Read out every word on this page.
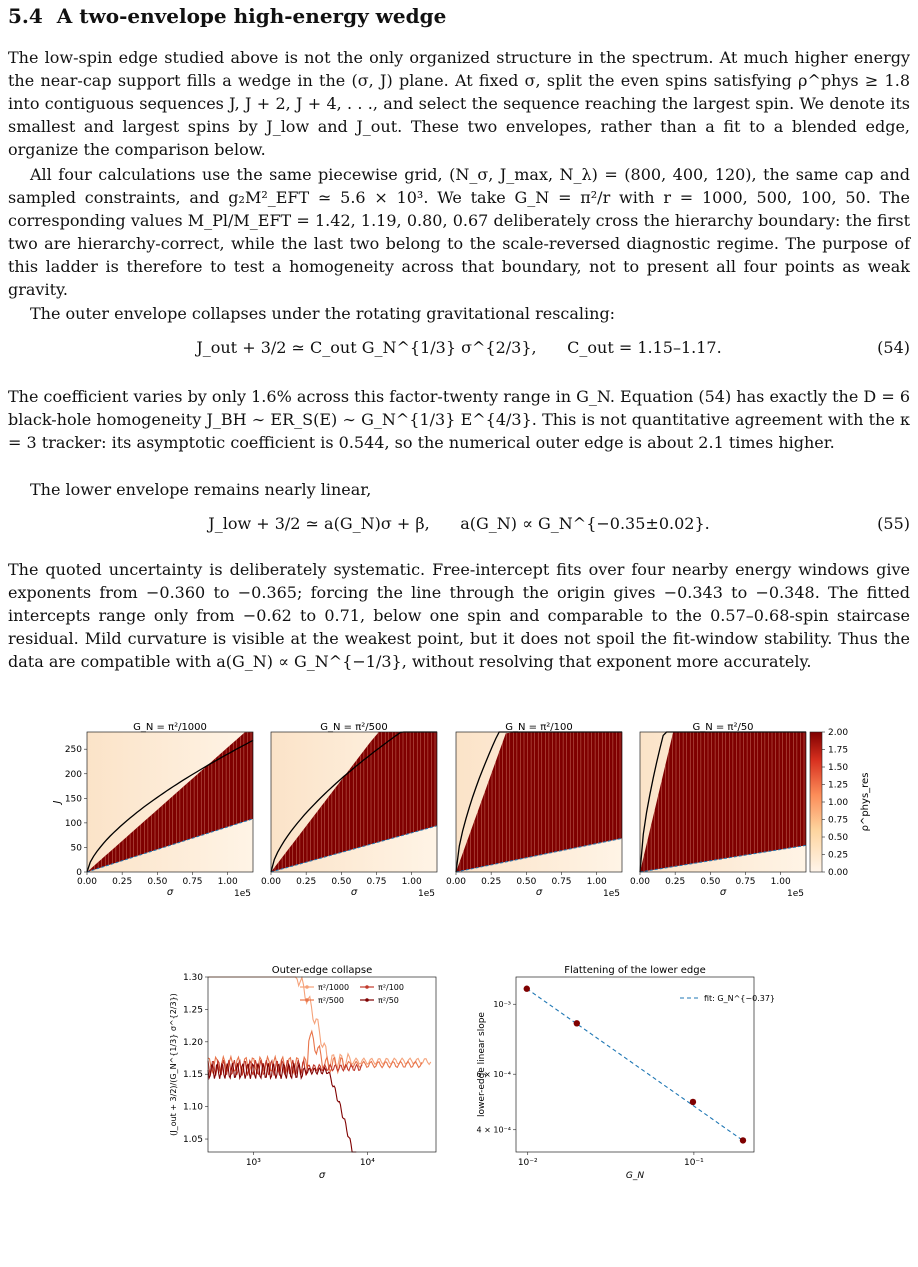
5.4 A two-envelope high-energy wedge
The low-spin edge studied above is not the only organized structure in the spectrum. At much higher energy the near-cap support fills a wedge in the (σ, J) plane. At fixed σ, split the even spins satisfying ρ^phys ≥ 1.8 into contiguous sequences J, J + 2, J + 4, . . ., and select the sequence reaching the largest spin. We denote its smallest and largest spins by J_low and J_out. These two envelopes, rather than a fit to a blended edge, organize the comparison below.
All four calculations use the same piecewise grid, (N_σ, J_max, N_λ) = (800, 400, 120), the same cap and sampled constraints, and g₂M²_EFT ≃ 5.6 × 10³. We take G_N = π²/r with r = 1000, 500, 100, 50. The corresponding values M_Pl/M_EFT = 1.42, 1.19, 0.80, 0.67 deliberately cross the hierarchy boundary: the first two are hierarchy-correct, while the last two belong to the scale-reversed diagnostic regime. The purpose of this ladder is therefore to test a homogeneity across that boundary, not to present all four points as weak gravity.
The outer envelope collapses under the rotating gravitational rescaling:
J_out + 3/2 ≃ C_out G_N^{1/3} σ^{2/3}, C_out = 1.15–1.17.	(54)
The coefficient varies by only 1.6% across this factor-twenty range in G_N. Equation (54) has exactly the D = 6 black-hole homogeneity J_BH ∼ ER_S(E) ∼ G_N^{1/3} E^{4/3}. This is not quantitative agreement with the κ = 3 tracker: its asymptotic coefficient is 0.544, so the numerical outer edge is about 2.1 times higher.
The lower envelope remains nearly linear,
J_low + 3/2 ≃ a(G_N)σ + β, a(G_N) ∝ G_N^{−0.35±0.02}.	(55)
The quoted uncertainty is deliberately systematic. Free-intercept fits over four nearby energy windows give exponents from −0.360 to −0.365; forcing the line through the origin gives −0.343 to −0.348. The fitted intercepts range only from −0.62 to 0.71, below one spin and comparable to the 0.57–0.68-spin staircase residual. Mild curvature is visible at the weakest point, but it does not spoil the fit-window stability. Thus the data are compatible with a(G_N) ∝ G_N^{−1/3}, without resolving that exponent more accurately.
G_N = π²/1000
0.00 0.25 0.50 0.75 1.00
σ	1e5
0
50
100
150
200
250
J
G_N = π²/500
0.00 0.25 0.50 0.75 1.00
σ	1e5
G_N = π²/100
0.00 0.25 0.50 0.75 1.00
σ	1e5
G_N = π²/50
0.00 0.25 0.50 0.75 1.00
σ	1e5
0.00
0.25
0.50
0.75
1.00
1.25
1.50
1.75
2.00
ρ^phys_res
Outer-edge collapse
1.05
1.10
1.15
1.20
1.25
1.30
10³	10⁴
σ
(J_out + 3/2)/(G_N^{1/3} σ^{2/3})
π²/1000
π²/500
π²/100
π²/50
Flattening of the lower edge
4 × 10⁻⁴
6 × 10⁻⁴
10⁻³
10⁻²	10⁻¹
G_N
lower-edge linear slope
fit: G_N^{−0.37}
